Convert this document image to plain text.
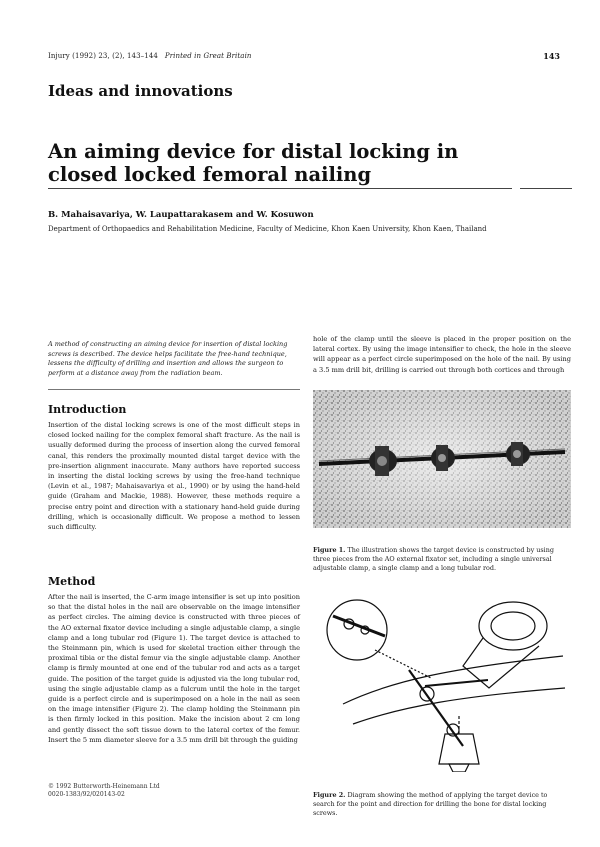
Injury (1992) 23, (2), 143–144 Printed in Great Britain	143
Ideas and innovations
An aiming device for distal locking in closed locked femoral nailing
B. Mahaisavariya, W. Laupattarakasem and W. Kosuwon
Department of Orthopaedics and Rehabilitation Medicine, Faculty of Medicine, Khon Kaen University, Khon Kaen, Thailand
A method of constructing an aiming device for insertion of distal locking screws is described. The device helps facilitate the free-hand technique, lessens the difficulty of drilling and insertion and allows the surgeon to perform at a distance away from the radiation beam.
Introduction
Insertion of the distal locking screws is one of the most difficult steps in closed locked nailing for the complex femoral shaft fracture. As the nail is usually deformed during the process of insertion along the curved femoral canal, this renders the proximally mounted distal target device with the pre-insertion alignment inaccurate. Many authors have reported success in inserting the distal locking screws by using the free-hand technique (Levin et al., 1987; Mahaisavariya et al., 1990) or by using the hand-held guide (Graham and Mackie, 1988). However, these methods require a precise entry point and direction with a stationary hand-held guide during drilling, which is occasionally difficult. We propose a method to lessen such difficulty.
Method
After the nail is inserted, the C-arm image intensifier is set up into position so that the distal holes in the nail are observable on the image intensifier as perfect circles. The aiming device is constructed with three pieces of the AO external fixator device including a single adjustable clamp, a single clamp and a long tubular rod (Figure 1). The target device is attached to the Steinmann pin, which is used for skeletal traction either through the proximal tibia or the distal femur via the single adjustable clamp. Another clamp is firmly mounted at one end of the tubular rod and acts as a target guide. The position of the target guide is adjusted via the long tubular rod, using the single adjustable clamp as a fulcrum until the hole in the target guide is a perfect circle and is superimposed on a hole in the nail as seen on the image intensifier (Figure 2). The clamp holding the Steinmann pin is then firmly locked in this position. Make the incision about 2 cm long and gently dissect the soft tissue down to the lateral cortex of the femur. Insert the 5 mm diameter sleeve for a 3.5 mm drill bit through the guiding
© 1992 Butterworth-Heinemann Ltd
0020-1383/92/020143-02
hole of the clamp until the sleeve is placed in the proper position on the lateral cortex. By using the image intensifier to check, the hole in the sleeve will appear as a perfect circle superimposed on the hole of the nail. By using a 3.5 mm drill bit, drilling is carried out through both cortices and through
Figure 1. The illustration shows the target device is constructed by using three pieces from the AO external fixator set, including a single universal adjustable clamp, a single clamp and a long tubular rod.
Figure 2. Diagram showing the method of applying the target device to search for the point and direction for drilling the bone for distal locking screws.
